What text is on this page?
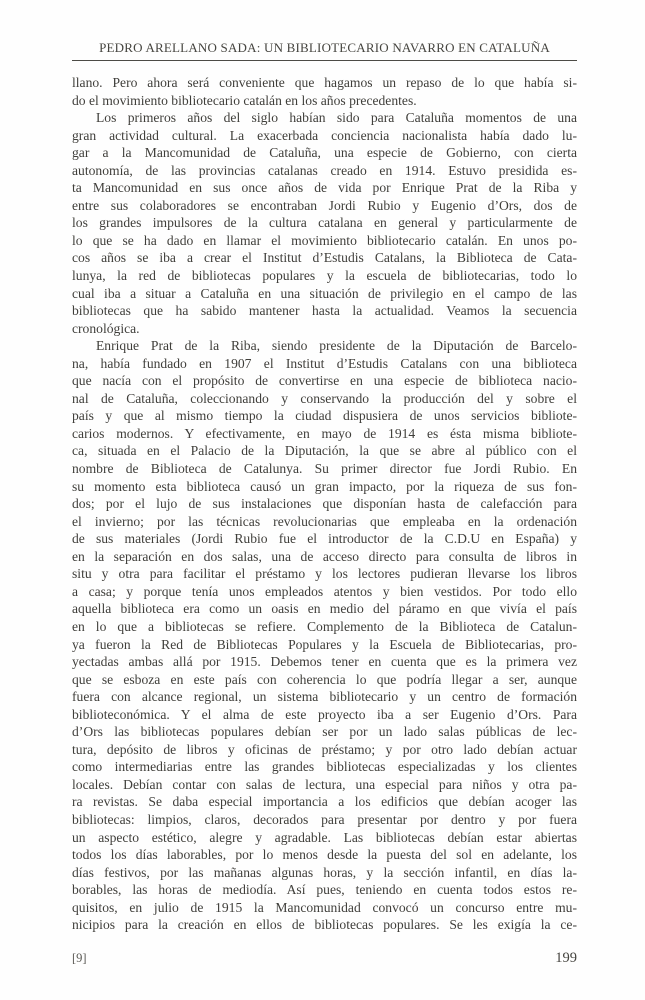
PEDRO ARELLANO SADA: UN BIBLIOTECARIO NAVARRO EN CATALUÑA
llano. Pero ahora será conveniente que hagamos un repaso de lo que había si-
do el movimiento bibliotecario catalán en los años precedentes.
Los primeros años del siglo habían sido para Cataluña momentos de una
gran actividad cultural. La exacerbada conciencia nacionalista había dado lu-
gar a la Mancomunidad de Cataluña, una especie de Gobierno, con cierta
autonomía, de las provincias catalanas creado en 1914. Estuvo presidida es-
ta Mancomunidad en sus once años de vida por Enrique Prat de la Riba y
entre sus colaboradores se encontraban Jordi Rubio y Eugenio d’Ors, dos de
los grandes impulsores de la cultura catalana en general y particularmente de
lo que se ha dado en llamar el movimiento bibliotecario catalán. En unos po-
cos años se iba a crear el Institut d’Estudis Catalans, la Biblioteca de Cata-
lunya, la red de bibliotecas populares y la escuela de bibliotecarias, todo lo
cual iba a situar a Cataluña en una situación de privilegio en el campo de las
bibliotecas que ha sabido mantener hasta la actualidad. Veamos la secuencia
cronológica.
Enrique Prat de la Riba, siendo presidente de la Diputación de Barcelo-
na, había fundado en 1907 el Institut d’Estudis Catalans con una biblioteca
que nacía con el propósito de convertirse en una especie de biblioteca nacio-
nal de Cataluña, coleccionando y conservando la producción del y sobre el
país y que al mismo tiempo la ciudad dispusiera de unos servicios bibliote-
carios modernos. Y efectivamente, en mayo de 1914 es ésta misma bibliote-
ca, situada en el Palacio de la Diputación, la que se abre al público con el
nombre de Biblioteca de Catalunya. Su primer director fue Jordi Rubio. En
su momento esta biblioteca causó un gran impacto, por la riqueza de sus fon-
dos; por el lujo de sus instalaciones que disponían hasta de calefacción para
el invierno; por las técnicas revolucionarias que empleaba en la ordenación
de sus materiales (Jordi Rubio fue el introductor de la C.D.U en España) y
en la separación en dos salas, una de acceso directo para consulta de libros in
situ y otra para facilitar el préstamo y los lectores pudieran llevarse los libros
a casa; y porque tenía unos empleados atentos y bien vestidos. Por todo ello
aquella biblioteca era como un oasis en medio del páramo en que vivía el país
en lo que a bibliotecas se refiere. Complemento de la Biblioteca de Catalun-
ya fueron la Red de Bibliotecas Populares y la Escuela de Bibliotecarias, pro-
yectadas ambas allá por 1915. Debemos tener en cuenta que es la primera vez
que se esboza en este país con coherencia lo que podría llegar a ser, aunque
fuera con alcance regional, un sistema bibliotecario y un centro de formación
biblioteconómica. Y el alma de este proyecto iba a ser Eugenio d’Ors. Para
d’Ors las bibliotecas populares debían ser por un lado salas públicas de lec-
tura, depósito de libros y oficinas de préstamo; y por otro lado debían actuar
como intermediarias entre las grandes bibliotecas especializadas y los clientes
locales. Debían contar con salas de lectura, una especial para niños y otra pa-
ra revistas. Se daba especial importancia a los edificios que debían acoger las
bibliotecas: limpios, claros, decorados para presentar por dentro y por fuera
un aspecto estético, alegre y agradable. Las bibliotecas debían estar abiertas
todos los días laborables, por lo menos desde la puesta del sol en adelante, los
días festivos, por las mañanas algunas horas, y la sección infantil, en días la-
borables, las horas de mediodía. Así pues, teniendo en cuenta todos estos re-
quisitos, en julio de 1915 la Mancomunidad convocó un concurso entre mu-
nicipios para la creación en ellos de bibliotecas populares. Se les exigía la ce-
[9]	199
